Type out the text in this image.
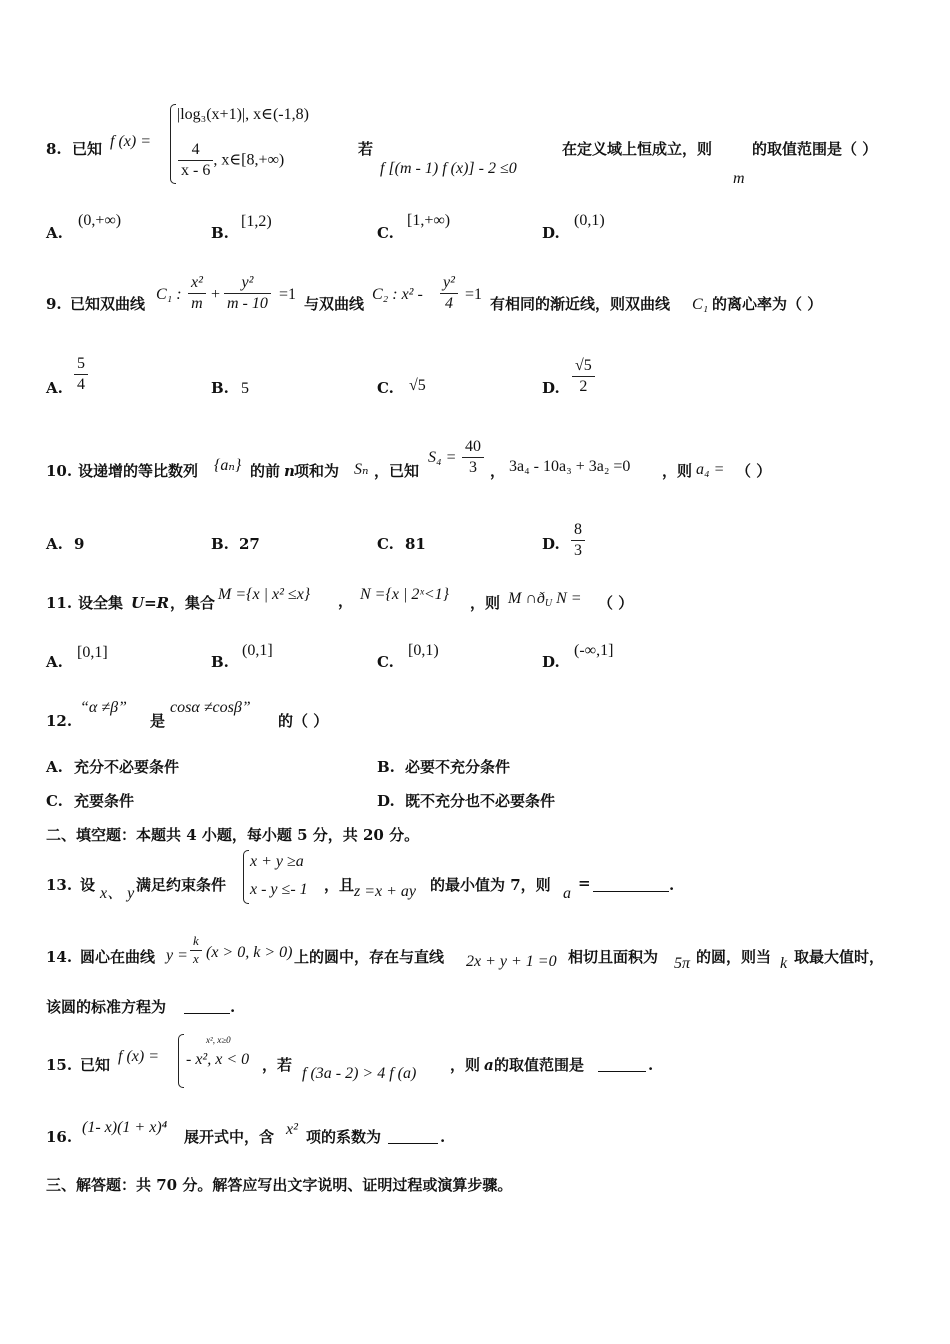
8. 已知 f (x) =
|log₃(x+1)|, x∈(-1,8)
$\frac{4}{x - 6}$ , x∈[8,+∞)
若
f [(m - 1) f (x)] - 2 ≤0
在定义域上恒成立，则
m
的取值范围是（ ）
A.
(0,+∞)
B.
[1,2)
C.
[1,+∞)
D.
(0,1)
9. 已知双曲线
C₁ : $\frac{\text{x²}}{m} + \frac{\text{y²}}{m - 10} =1$
与双曲线
C₂ : $x^2 - \frac{\text{y²}}{4} =1$
有相同的渐近线，则双曲线 C₁ 的离心率为（ ）
A. $\frac{5}{4}$	B. 5	C. √5	D. $\frac{√5}{2}$
10. 设递增的等比数列 {aₙ} 的前 n 项和为 Sₙ ，已知
$S_4 = \frac{40}{3}$ ， 3a₄ - 10a₃ + 3a₂ =0 ，则 a₄ = （ ）
A. 9	B. 27	C. 81	D. $\frac{8}{3}$
11. 设全集 U=R ，集合 M ={x | x² ≤x} ， N ={x | 2ˣ<1} ，则 M $\cap ð_U$ N = （ ）
A.
[0,1]
B.
(0,1]
C.
[0,1)
D.
(-∞,1]
12.
“α ≠β”
是
cosα ≠cosβ”
的（ ）
A. 充分不必要条件	B. 必要不充分条件
C. 充要条件	D. 既不充分也不必要条件
二、填空题：本题共 4 小题，每小题 5 分，共 20 分。
13. 设 x、 y 满足约束条件
x + y ≥a
x - y ≤- 1 ，且 z =x + ay 的最小值为 7，则 a
=	.
14. 圆心在曲线 $y = \frac{k}{x} (x > 0$, k > 0) 上的圆中，存在与直线 2x + y + 1 =0 相切且面积为 5π 的圆，则当 k 取最大值时，
该圆的标准方程为	.
15. 已知 f (x) =
x², x≥0
- x², x < 0 ，若 f (3a - 2) > 4 f (a) ，则 a 的取值范围是	.
16.
(1- x)(1 + x)⁴
展开式中，含 x² 项的系数为	.
三、解答题：共 70 分。解答应写出文字说明、证明过程或演算步骤。
